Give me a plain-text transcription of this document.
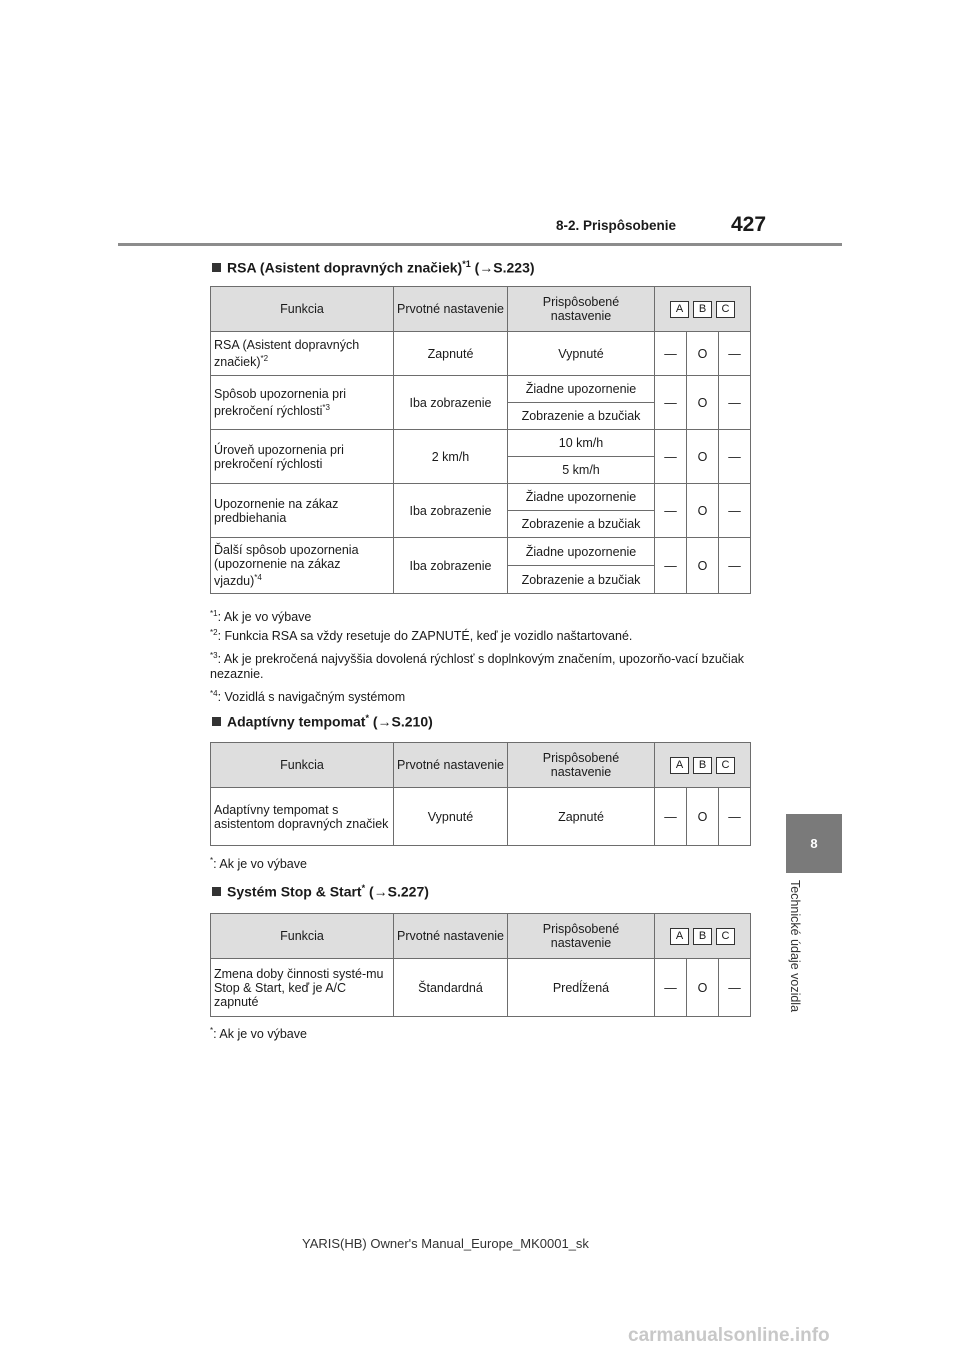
8-2. Prispôsobenie	427
8
Technické údaje vozidla
RSA (Asistent dopravných značiek)$^{*1}$ (→S.223)
Funkcia	Prvotné nastavenie	Prispôsobené nastavenie	A B C		

RSA (Asistent dopravných značiek)$^{*2}$	Zapnuté	Vypnuté	—	O	—
Spôsob upozornenia pri prekročení rýchlosti$^{*3}$	Iba zobrazenie	Žiadne upozornenie	—	O	—
		Zobrazenie a bzučiak			
Úroveň upozornenia pri prekročení rýchlosti	2 km/h	10 km/h	—	O	—
		5 km/h			
Upozornenie na zákaz predbiehania	Iba zobrazenie	Žiadne upozornenie	—	O	—
		Zobrazenie a bzučiak			
Ďalší spôsob upozornenia (upozornenie na zákaz vjazdu)$^{*4}$	Iba zobrazenie	Žiadne upozornenie	—	O	—
		Zobrazenie a bzučiak			
$^{*1}$: Ak je vo výbave
$^{*2}$: Funkcia RSA sa vždy resetuje do ZAPNUTÉ, keď je vozidlo naštartované.
$^{*3}$: Ak je prekročená najvyššia dovolená rýchlosť s doplnkovým značením, upozorňo-vací bzučiak nezaznie.
$^{*4}$: Vozidlá s navigačným systémom
Adaptívny tempomat* (→S.210)
Funkcia	Prvotné nastavenie	Prispôsobené nastavenie	A B C		

Adaptívny tempomat s asistentom dopravných značiek	Vypnuté	Zapnuté	—	O	—
*: Ak je vo výbave
Systém Stop & Start* (→S.227)
Funkcia	Prvotné nastavenie	Prispôsobené nastavenie	A B C		

Zmena doby činnosti systé-mu Stop & Start, keď je A/C zapnuté	Štandardná	Predĺžená	—	O	—
*: Ak je vo výbave
YARIS(HB) Owner's Manual_Europe_MK0001_sk
carmanualsonline.info
